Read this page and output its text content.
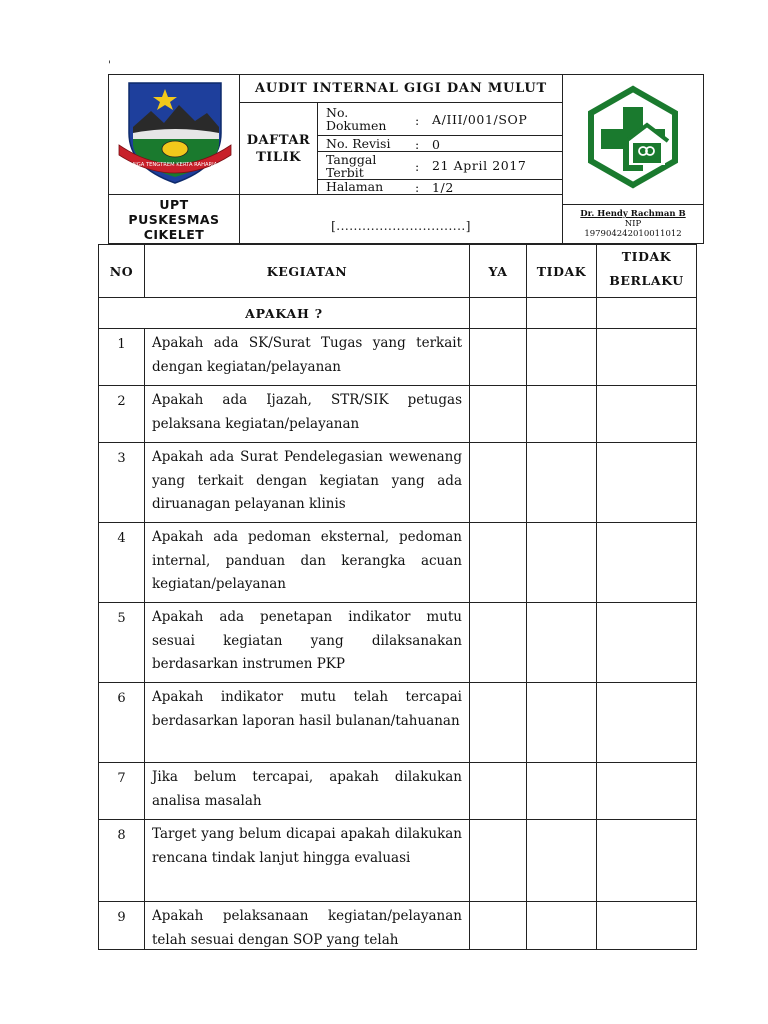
'
NGA TENGTREM KERTA RAHARJA
UPT
PUSKESMAS
CIKELET
AUDIT INTERNAL GIGI DAN MULUT
DAFTAR
TILIK
No.
Dokumen : A/III/001/SOP
No. Revisi : 0
Tanggal
Terbit	: 21 April 2017
Halaman	: 1/2
[..............................]
Dr. Hendy Rachman B
NIP
197904242010011012
NO	KEGIATAN	YA	TIDAK	TIDAK
BERLAKU

APAKAH ?				
1	Apakah ada SK/Surat Tugas yang terkait dengan kegiatan/pelayanan			
2	Apakah ada Ijazah, STR/SIK petugas pelaksana kegiatan/pelayanan			
3	Apakah ada Surat Pendelegasian wewenang yang terkait dengan kegiatan yang ada diruanagan pelayanan klinis			
4	Apakah ada pedoman eksternal, pedoman internal, panduan dan kerangka acuan kegiatan/pelayanan			
5	Apakah ada penetapan indikator mutu sesuai kegiatan yang dilaksanakan berdasarkan instrumen PKP			
6	Apakah indikator mutu telah tercapai berdasarkan laporan hasil bulanan/tahuanan			
7	Jika belum tercapai, apakah dilakukan analisa masalah			
8	Target yang belum dicapai apakah dilakukan rencana tindak lanjut hingga evaluasi			
9	Apakah pelaksanaan kegiatan/pelayanan telah sesuai dengan SOP yang telah			
